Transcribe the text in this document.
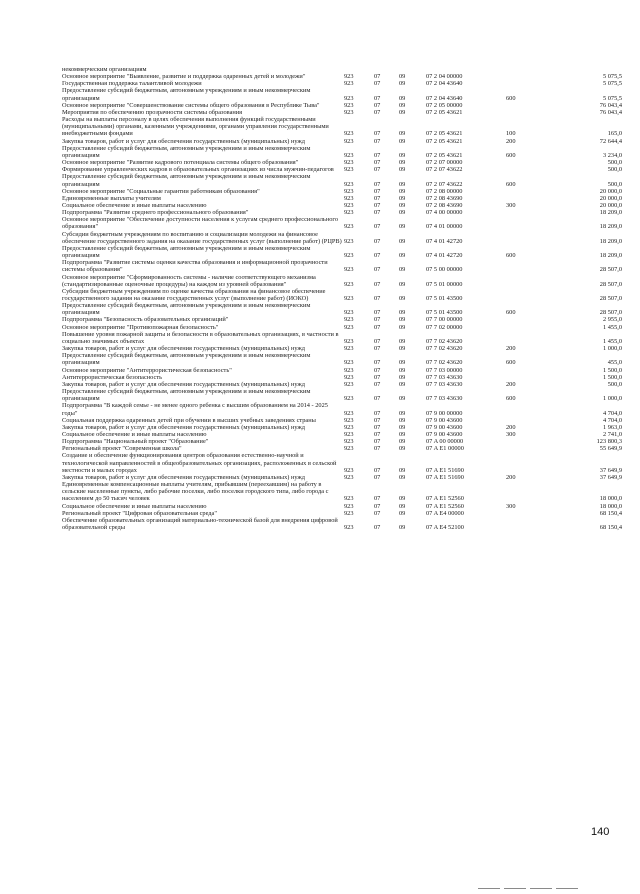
некоммерческим организациям						
Основное мероприятие "Выявление, развитие и поддержка одаренных детей и молодежи"	923	07	09	07 2 04 00000		5 075,5
Государственная поддержка талантливой молодежи	923	07	09	07 2 04 43640		5 075,5
Предоставление субсидий бюджетным, автономным учреждениям и иным некоммерческим организациям	923	07	09	07 2 04 43640	600	5 075,5
Основное мероприятие "Совершенствование системы общего образования в Республике Тыва"	923	07	09	07 2 05 00000		76 043,4
Мероприятия по обеспечению прозрачности системы образования	923	07	09	07 2 05 43621		76 043,4
Расходы на выплаты персоналу в целях обеспечения выполнения функций государственными (муниципальными) органами, казенными учреждениями, органами управления государственными внебюджетными фондами	923	07	09	07 2 05 43621	100	165,0
Закупка товаров, работ и услуг для обеспечения государственных (муниципальных) нужд	923	07	09	07 2 05 43621	200	72 644,4
Предоставление субсидий бюджетным, автономным учреждениям и иным некоммерческим организациям	923	07	09	07 2 05 43621	600	3 234,0
Основное мероприятие "Развитие кадрового потенциала системы общего образования"	923	07	09	07 2 07 00000		500,0
Формирование управленческих кадров в образовательных организациях из числа мужчин-педагогов	923	07	09	07 2 07 43622		500,0
Предоставление субсидий бюджетным, автономным учреждениям и иным некоммерческим организациям	923	07	09	07 2 07 43622	600	500,0
Основное мероприятие "Социальные гарантии работникам образования"	923	07	09	07 2 08 00000		20 000,0
Единовременные выплаты учителям	923	07	09	07 2 08 43690		20 000,0
Социальное обеспечение и иные выплаты населению	923	07	09	07 2 08 43690	300	20 000,0
Подпрограмма "Развитие среднего профессионального образования"	923	07	09	07 4 00 00000		18 209,0
Основное мероприятие "Обеспечение доступности населения к услугам среднего профессионального образования"	923	07	09	07 4 01 00000		18 209,0
Субсидии бюджетным учреждениям по воспитанию и социализации молодежи на финансовое обеспечение государственного задания на оказание государственных услуг (выполнение работ) (РЦРВ)	923	07	09	07 4 01 42720		18 209,0
Предоставление субсидий бюджетным, автономным учреждениям и иным некоммерческим организациям	923	07	09	07 4 01 42720	600	18 209,0
Подпрограмма "Развитие системы оценки качества образования и информационной прозрачности системы образования"	923	07	09	07 5 00 00000		28 507,0
Основное мероприятие "Сформированность системы - наличие соответствующего механизма (стандартизированные оценочные процедуры) на каждом из уровней образования"	923	07	09	07 5 01 00000		28 507,0
Субсидии бюджетным учреждениям по оценке качества образования на финансовое обеспечение государственного задания на оказание государственных услуг (выполнение работ) (ИОКО)	923	07	09	07 5 01 43500		28 507,0
Предоставление субсидий бюджетным, автономным учреждениям и иным некоммерческим организациям	923	07	09	07 5 01 43500	600	28 507,0
Подпрограмма "Безопасность образовательных организаций"	923	07	09	07 7 00 00000		2 955,0
Основное мероприятие "Противопожарная безопасность"	923	07	09	07 7 02 00000		1 455,0
Повышение уровня пожарной защиты и безопасности в образовательных организациях, в частности в социально значимых объектах	923	07	09	07 7 02 43620		1 455,0
Закупка товаров, работ и услуг для обеспечения государственных (муниципальных) нужд	923	07	09	07 7 02 43620	200	1 000,0
Предоставление субсидий бюджетным, автономным учреждениям и иным некоммерческим организациям	923	07	09	07 7 02 43620	600	455,0
Основное мероприятие "Антитеррористическая безопасность"	923	07	09	07 7 03 00000		1 500,0
Антитеррористическая безопасность	923	07	09	07 7 03 43630		1 500,0
Закупка товаров, работ и услуг для обеспечения государственных (муниципальных) нужд	923	07	09	07 7 03 43630	200	500,0
Предоставление субсидий бюджетным, автономным учреждениям и иным некоммерческим организациям	923	07	09	07 7 03 43630	600	1 000,0
Подпрограмма "В каждой семье - не менее одного ребенка с высшим образованием на 2014 - 2025 годы"	923	07	09	07 9 00 00000		4 704,0
Социальная поддержка одаренных детей при обучении в высших учебных заведениях страны	923	07	09	07 9 00 43600		4 704,0
Закупка товаров, работ и услуг для обеспечения государственных (муниципальных) нужд	923	07	09	07 9 00 43600	200	1 963,0
Социальное обеспечение и иные выплаты населению	923	07	09	07 9 00 43600	300	2 741,0
Подпрограмма "Национальный проект "Образование"	923	07	09	07 A 00 00000		123 800,3
Региональный проект "Современная школа"	923	07	09	07 A E1 00000		55 649,9
Создание и обеспечение функционирования центров образования естественно-научной и технологической направленностей в общеобразовательных организациях, расположенных в сельской местности и малых городах	923	07	09	07 A E1 51690		37 649,9
Закупка товаров, работ и услуг для обеспечения государственных (муниципальных) нужд	923	07	09	07 A E1 51690	200	37 649,9
Единовременные компенсационные выплаты учителям, прибывшим (переехавшим) на работу в сельские населенные пункты, либо рабочие поселки, либо поселки городского типа, либо города с населением до 50 тысяч человек	923	07	09	07 A E1 52560		18 000,0
Социальное обеспечение и иные выплаты населению	923	07	09	07 A E1 52560	300	18 000,0
Региональный проект "Цифровая образовательная среда"	923	07	09	07 A E4 00000		68 150,4
Обеспечение образовательных организаций материально-технической базой для внедрения цифровой образовательной среды	923	07	09	07 A E4 52100		68 150,4
140
